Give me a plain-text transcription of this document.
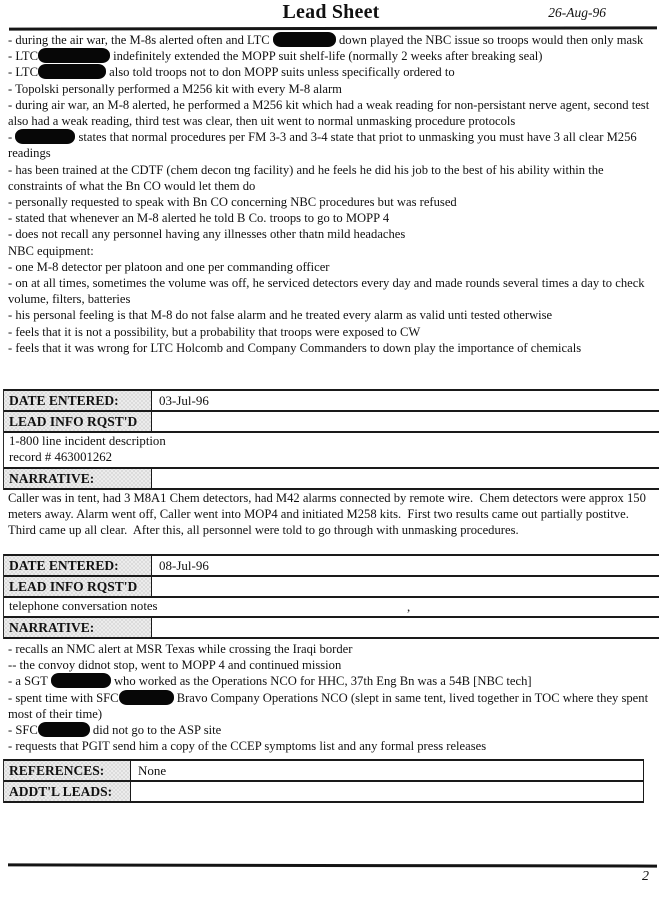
Lead Sheet	26-Aug-96
- during the air war, the M-8s alerted often and LTC	down played the NBC issue so troops would then only mask
- LTC	indefinitely extended the MOPP suit shelf-life (normally 2 weeks after breaking seal)
- LTC	also told troops not to don MOPP suits unless specifically ordered to
- Topolski personally performed a M256 kit with every M-8 alarm
- during air war, an M-8 alerted, he performed a M256 kit which had a weak reading for non-persistant nerve agent, second test also had a weak reading, third test was clear, then uit went to normal unmasking procedure protocols
-	states that normal procedures per FM 3-3 and 3-4 state that priot to unmasking you must have 3 all clear M256 readings
- has been trained at the CDTF (chem decon tng facility) and he feels he did his job to the best of his ability within the constraints of what the Bn CO would let them do
- personally requested to speak with Bn CO concerning NBC procedures but was refused
- stated that whenever an M-8 alerted he told B Co. troops to go to MOPP 4
- does not recall any personnel having any illnesses other thatn mild headaches
NBC equipment:
- one M-8 detector per platoon and one per commanding officer
- on at all times, sometimes the volume was off, he serviced detectors every day and made rounds several times a day to check volume, filters, batteries
- his personal feeling is that M-8 do not false alarm and he treated every alarm as valid unti tested otherwise
- feels that it is not a possibility, but a probability that troops were exposed to CW
- feels that it was wrong for LTC Holcomb and Company Commanders to down play the importance of chemicals
DATE ENTERED:	03-Jul-96
LEAD INFO RQST'D
1-800 line incident description
record # 463001262
NARRATIVE:
Caller was in tent, had 3 M8A1 Chem detectors, had M42 alarms connected by remote wire.  Chem detectors were approx 150 meters away. Alarm went off, Caller went into MOP4 and initiated M258 kits.  First two results came out partially postitve.  Third came up all clear.  After this, all personnel were told to go through with unmasking procedures.
DATE ENTERED:	08-Jul-96
LEAD INFO RQST'D
,
telephone conversation notes
NARRATIVE:
- recalls an NMC alert at MSR Texas while crossing the Iraqi border
-- the convoy didnot stop, went to MOPP 4 and continued mission
- a SGT	who worked as the Operations NCO for HHC, 37th Eng Bn was a 54B [NBC tech]
- spent time with SFC	Bravo Company Operations NCO (slept in same tent, lived together in TOC where they spent most of their time)
- SFC	did not go to the ASP site
- requests that PGIT send him a copy of the CCEP symptoms list and any formal press releases
REFERENCES:	None
ADDT'L LEADS:
2
